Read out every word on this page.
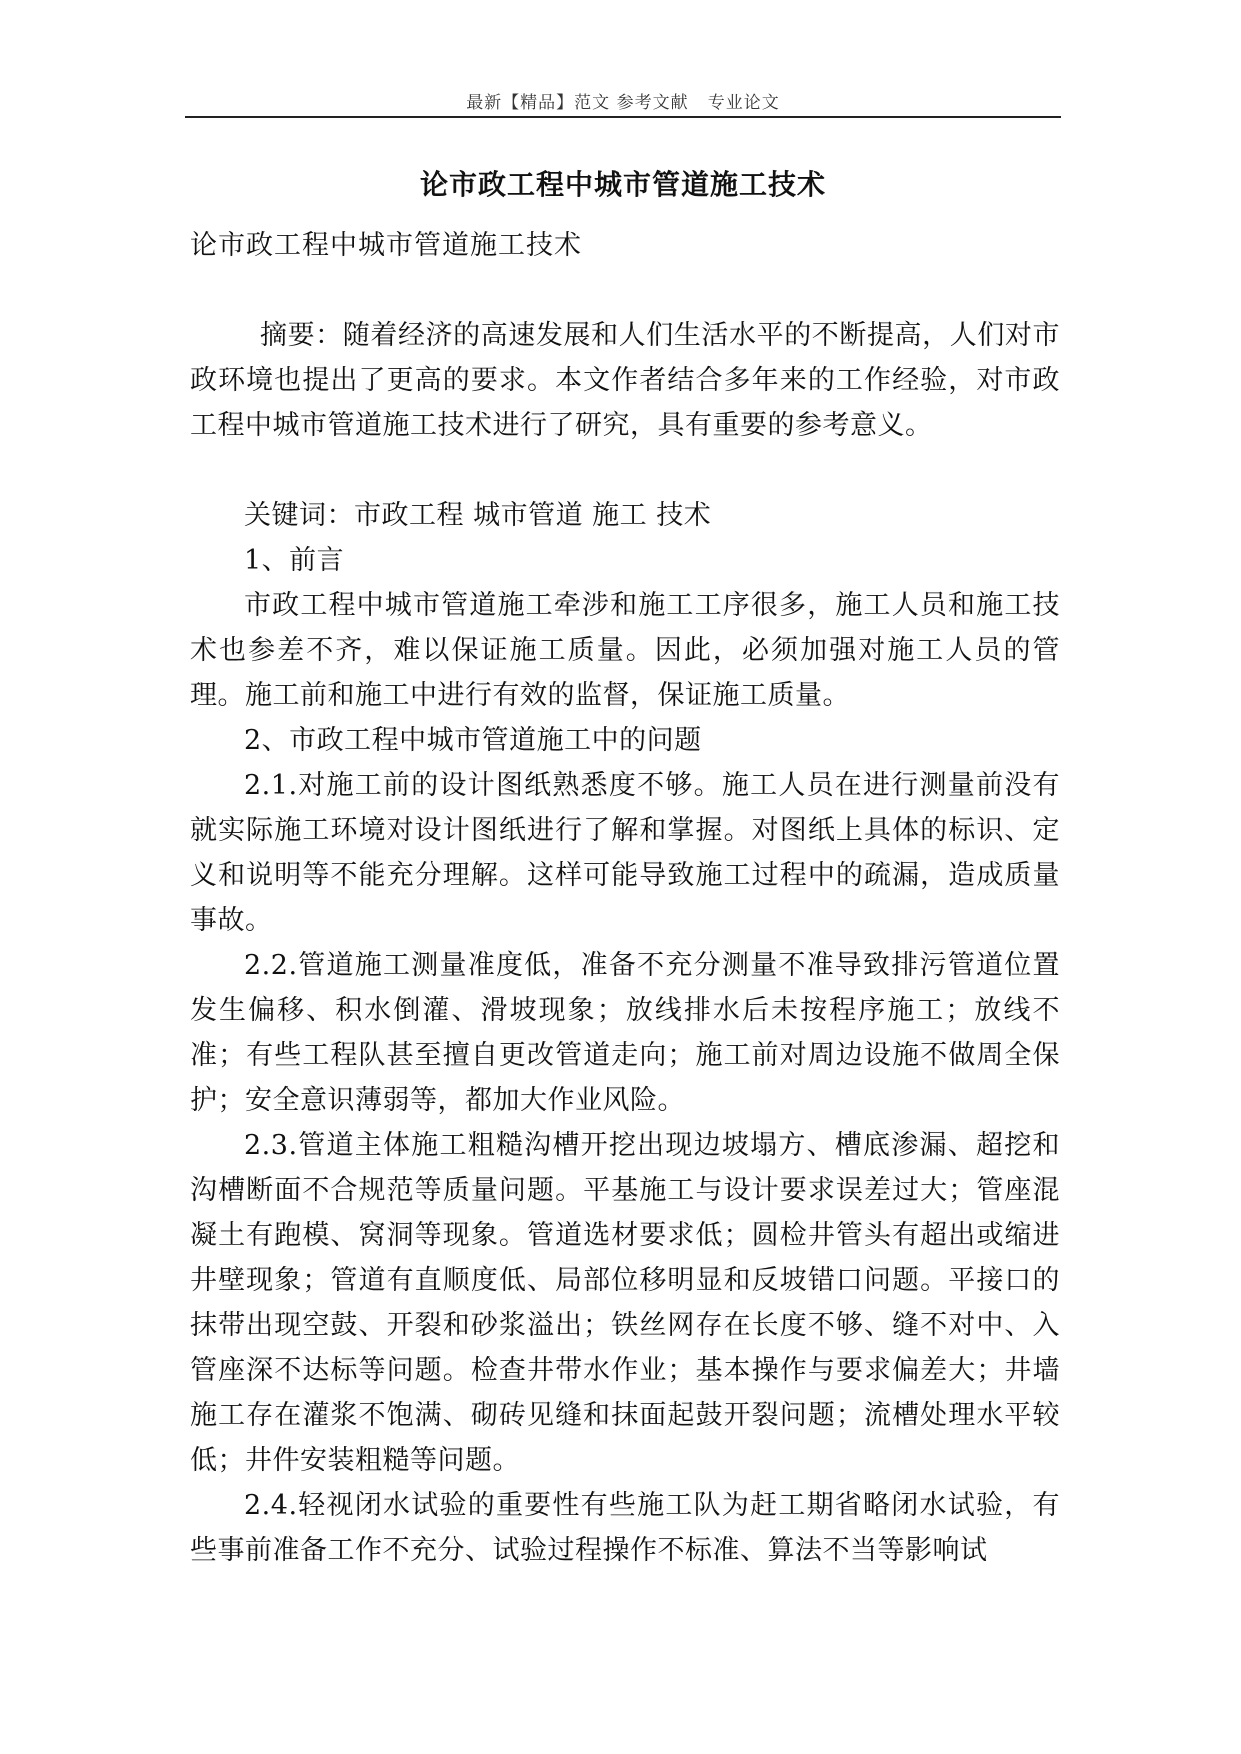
最新【精品】范文 参考文献   专业论文
论市政工程中城市管道施工技术
论市政工程中城市管道施工技术

摘要：随着经济的高速发展和人们生活水平的不断提高，人们对市政环境也提出了更高的要求。本文作者结合多年来的工作经验，对市政工程中城市管道施工技术进行了研究，具有重要的参考意义。

关键词：市政工程 城市管道 施工 技术

1、前言

市政工程中城市管道施工牵涉和施工工序很多，施工人员和施工技术也参差不齐，难以保证施工质量。因此，必须加强对施工人员的管理。施工前和施工中进行有效的监督，保证施工质量。

2、市政工程中城市管道施工中的问题

2.1.对施工前的设计图纸熟悉度不够。施工人员在进行测量前没有就实际施工环境对设计图纸进行了解和掌握。对图纸上具体的标识、定义和说明等不能充分理解。这样可能导致施工过程中的疏漏，造成质量事故。

2.2.管道施工测量准度低，准备不充分测量不准导致排污管道位置发生偏移、积水倒灌、滑坡现象；放线排水后未按程序施工；放线不准；有些工程队甚至擅自更改管道走向；施工前对周边设施不做周全保护；安全意识薄弱等，都加大作业风险。

2.3.管道主体施工粗糙沟槽开挖出现边坡塌方、槽底渗漏、超挖和沟槽断面不合规范等质量问题。平基施工与设计要求误差过大；管座混凝土有跑模、窝洞等现象。管道选材要求低；圆检井管头有超出或缩进井壁现象；管道有直顺度低、局部位移明显和反坡错口问题。平接口的抹带出现空鼓、开裂和砂浆溢出；铁丝网存在长度不够、缝不对中、入管座深不达标等问题。检查井带水作业；基本操作与要求偏差大；井墙施工存在灌浆不饱满、砌砖见缝和抹面起鼓开裂问题；流槽处理水平较低；井件安装粗糙等问题。

2.4.轻视闭水试验的重要性有些施工队为赶工期省略闭水试验，有些事前准备工作不充分、试验过程操作不标准、算法不当等影响试
